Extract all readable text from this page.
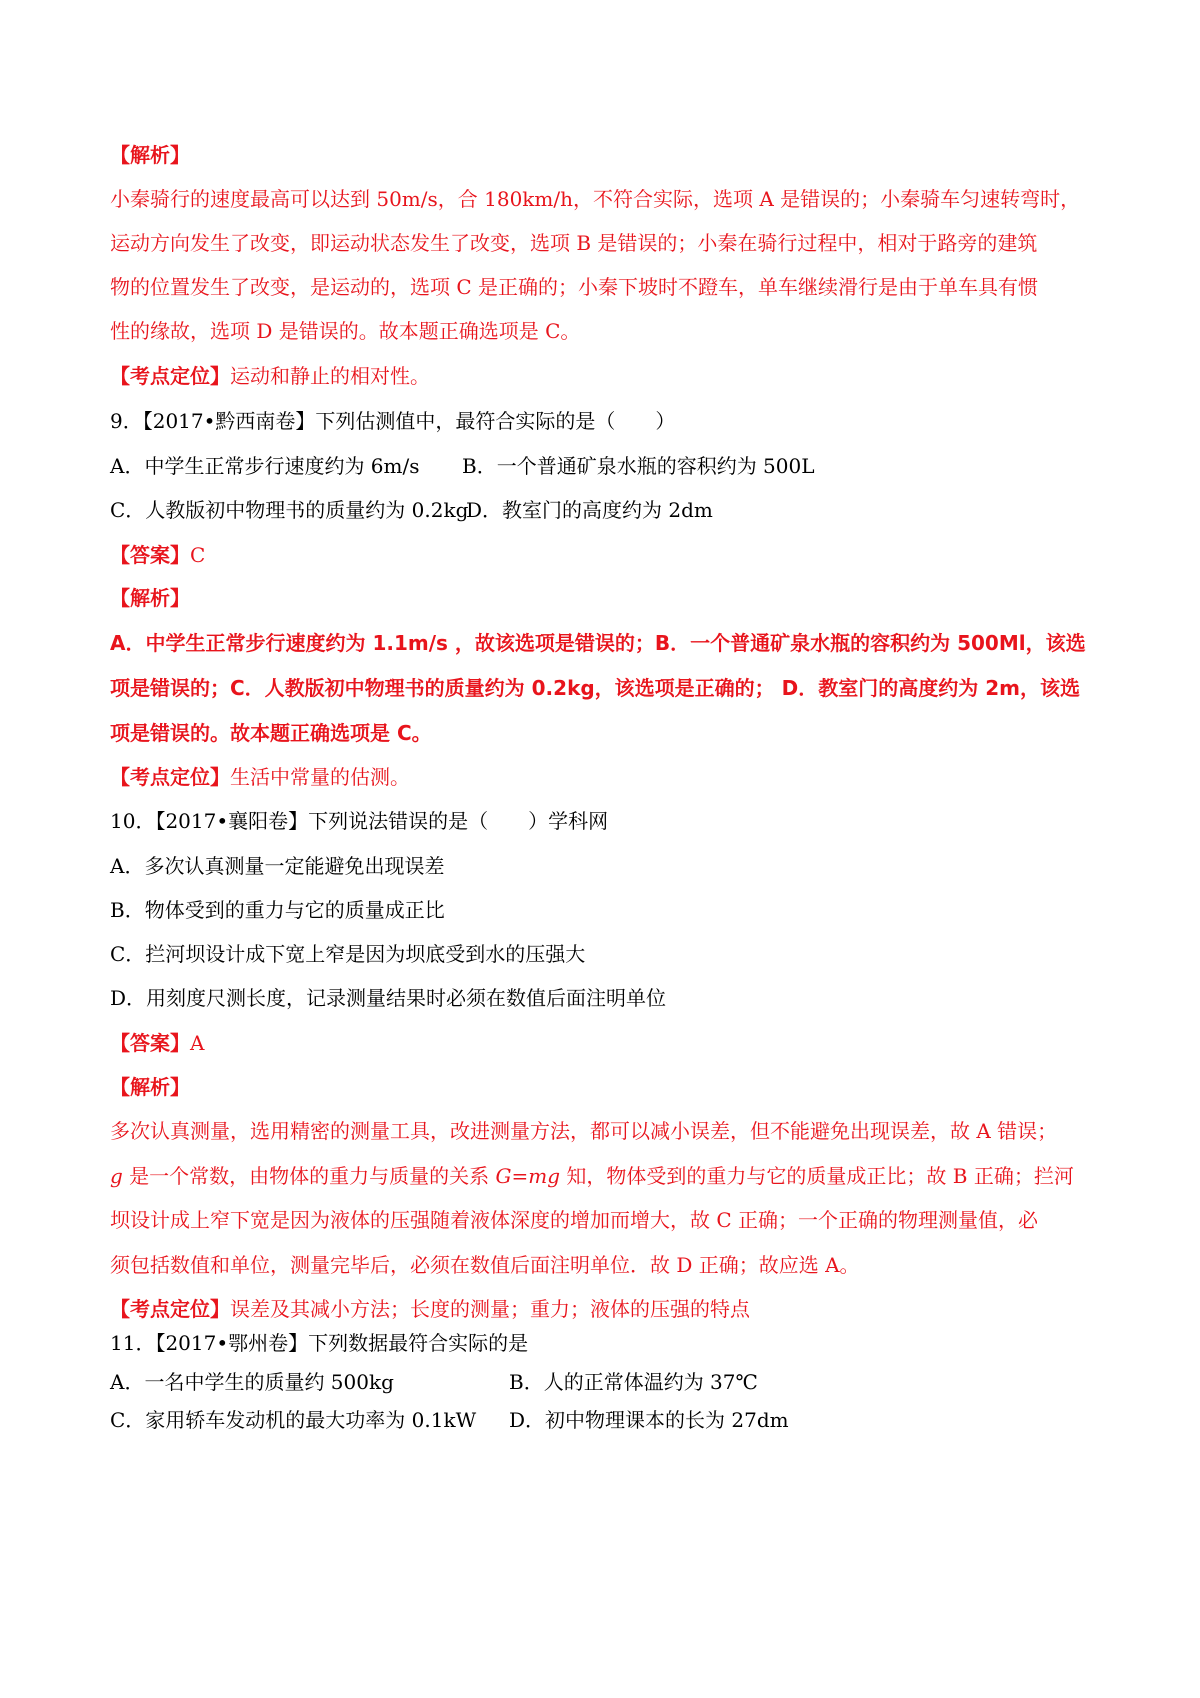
【解析】
小秦骑行的速度最高可以达到 50m/s，合 180km/h，不符合实际，选项 A 是错误的；小秦骑车匀速转弯时，
运动方向发生了改变，即运动状态发生了改变，选项 B 是错误的；小秦在骑行过程中，相对于路旁的建筑
物的位置发生了改变，是运动的，选项 C 是正确的；小秦下坡时不蹬车，单车继续滑行是由于单车具有惯
性的缘故，选项 D 是错误的。故本题正确选项是 C。
【考点定位】运动和静止的相对性。
9．【2017•黔西南卷】下列估测值中，最符合实际的是（　　）
A．中学生正常步行速度约为 6m/s B．一个普通矿泉水瓶的容积约为 500L
C．人教版初中物理书的质量约为 0.2kg
D．教室门的高度约为 2dm
【答案】C
【解析】
A．中学生正常步行速度约为 1.1m/s ，故该选项是错误的；B．一个普通矿泉水瓶的容积约为 500Ml，该选
项是错误的；C．人教版初中物理书的质量约为 0.2kg，该选项是正确的； D．教室门的高度约为 2m，该选
项是错误的。故本题正确选项是 C。
【考点定位】生活中常量的估测。
10．【2017•襄阳卷】下列说法错误的是（　　）学科网
A．多次认真测量一定能避免出现误差
B．物体受到的重力与它的质量成正比
C．拦河坝设计成下宽上窄是因为坝底受到水的压强大
D．用刻度尺测长度，记录测量结果时必须在数值后面注明单位
【答案】A
【解析】
多次认真测量，选用精密的测量工具，改进测量方法，都可以减小误差，但不能避免出现误差，故 A 错误；
g 是一个常数，由物体的重力与质量的关系 G=mg 知，物体受到的重力与它的质量成正比；故 B 正确；拦河
坝设计成上窄下宽是因为液体的压强随着液体深度的增加而增大，故 C 正确；一个正确的物理测量值，必
须包括数值和单位，测量完毕后，必须在数值后面注明单位．故 D 正确；故应选 A。
【考点定位】误差及其减小方法；长度的测量；重力；液体的压强的特点
11．【2017•鄂州卷】下列数据最符合实际的是
A．一名中学生的质量约 500kg	B．人的正常体温约为 37℃
C．家用轿车发动机的最大功率为 0.1kW D．初中物理课本的长为 27dm
